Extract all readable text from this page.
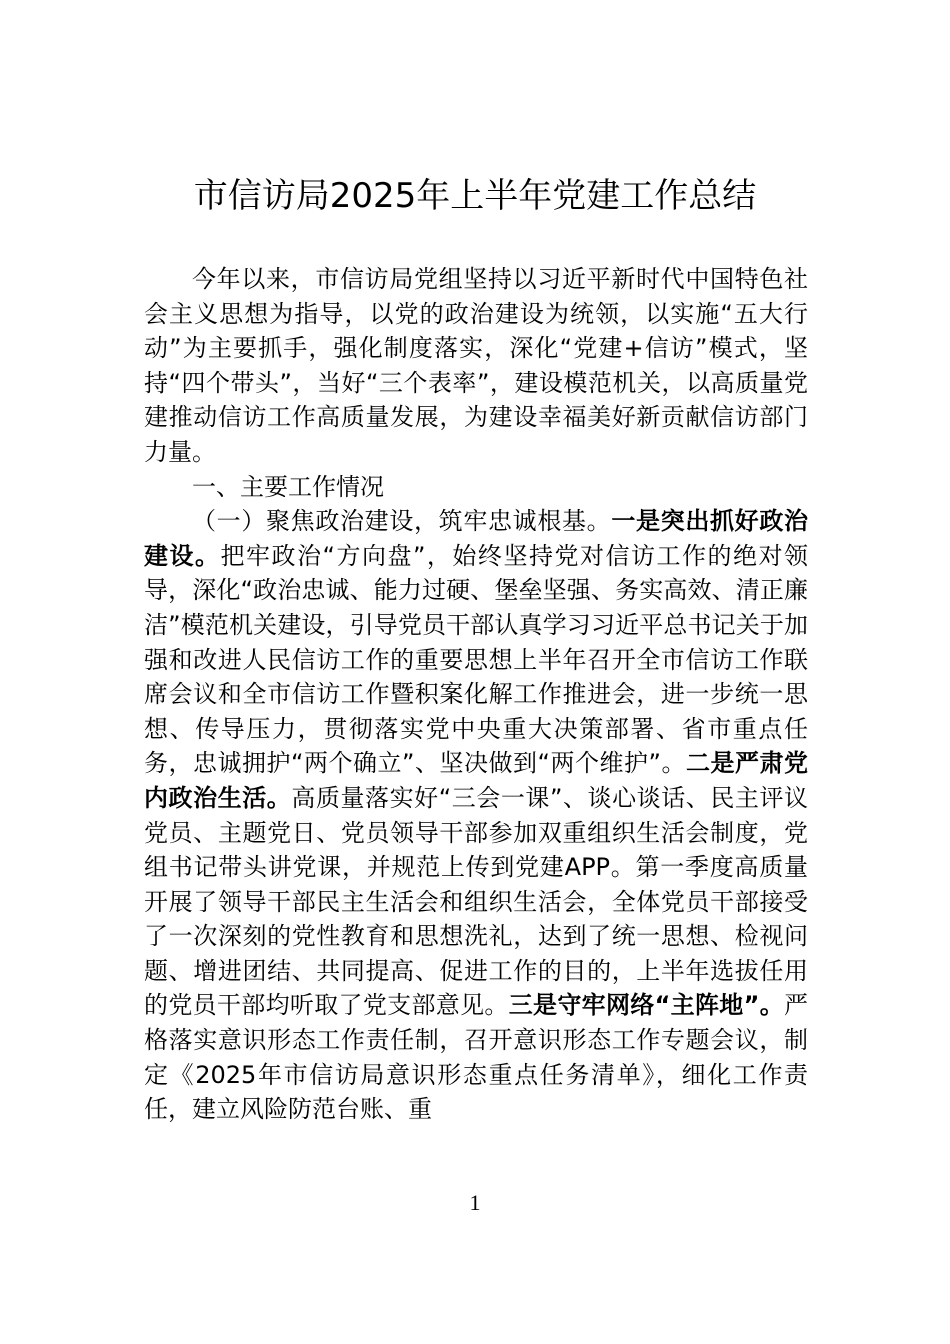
市信访局2025年上半年党建工作总结

今年以来，市信访局党组坚持以习近平新时代中国特色社会主义思想为指导，以党的政治建设为统领，以实施“五大行动”为主要抓手，强化制度落实，深化“党建+信访”模式，坚持“四个带头”，当好“三个表率”，建设模范机关，以高质量党建推动信访工作高质量发展，为建设幸福美好新贡献信访部门力量。

一、主要工作情况

（一）聚焦政治建设，筑牢忠诚根基。一是突出抓好政治建设。把牢政治“方向盘”，始终坚持党对信访工作的绝对领导，深化“政治忠诚、能力过硬、堡垒坚强、务实高效、清正廉洁”模范机关建设，引导党员干部认真学习习近平总书记关于加强和改进人民信访工作的重要思想上半年召开全市信访工作联席会议和全市信访工作暨积案化解工作推进会，进一步统一思想、传导压力，贯彻落实党中央重大决策部署、省市重点任务，忠诚拥护“两个确立”、坚决做到“两个维护”。二是严肃党内政治生活。高质量落实好“三会一课”、谈心谈话、民主评议党员、主题党日、党员领导干部参加双重组织生活会制度，党组书记带头讲党课，并规范上传到党建APP。第一季度高质量开展了领导干部民主生活会和组织生活会，全体党员干部接受了一次深刻的党性教育和思想洗礼，达到了统一思想、检视问题、增进团结、共同提高、促进工作的目的，上半年选拔任用的党员干部均听取了党支部意见。三是守牢网络“主阵地”。严格落实意识形态工作责任制，召开意识形态工作专题会议，制定《2025年市信访局意识形态重点任务清单》，细化工作责任，建立风险防范台账、重

1
